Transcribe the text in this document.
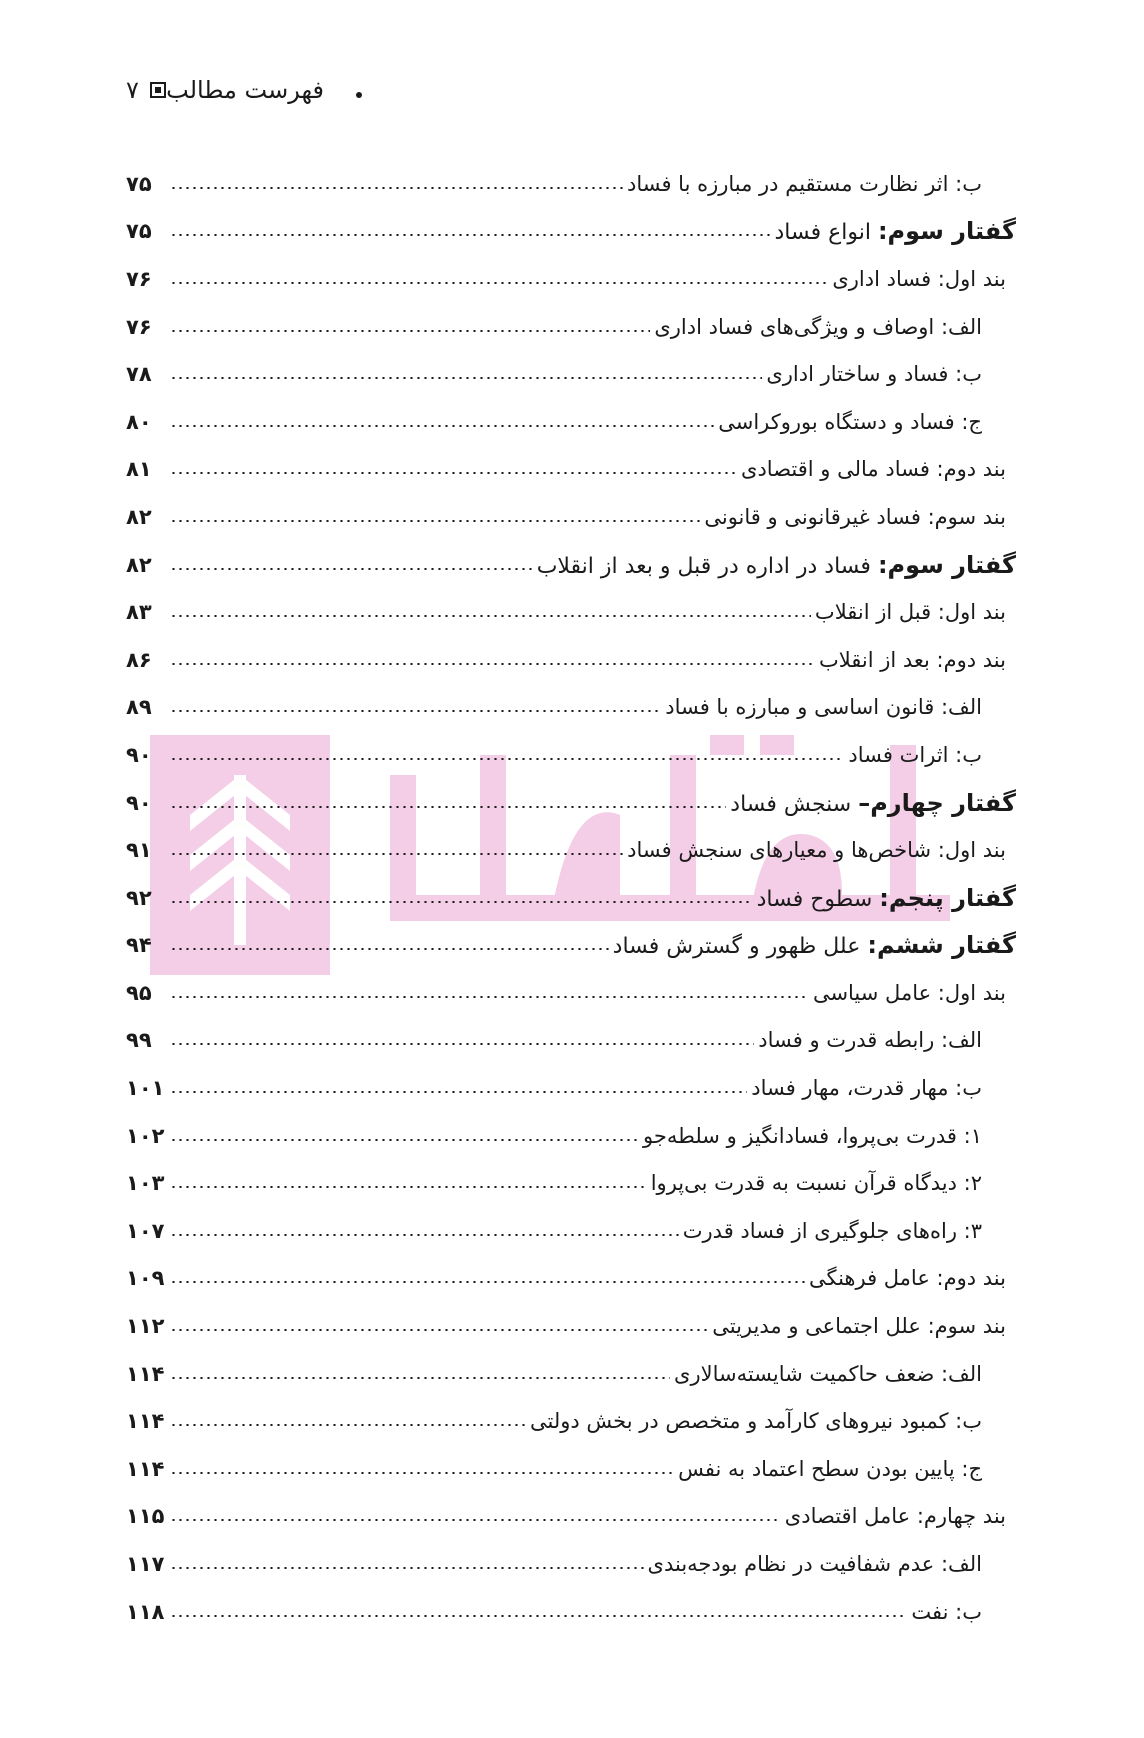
فهرست مطالب
۷
۷۵	ب: اثر نظارت مستقیم در مبارزه با فساد
۷۵	گفتار سوم: انواع فساد
۷۶	بند اول: فساد اداری
۷۶	الف: اوصاف و ویژگی‌های فساد اداری
۷۸	ب: فساد و ساختار اداری
۸۰	ج: فساد و دستگاه بوروکراسی
۸۱	بند دوم: فساد مالی و اقتصادی
۸۲	بند سوم: فساد غیرقانونی و قانونی
۸۲	گفتار سوم: فساد در اداره در قبل و بعد از انقلاب
۸۳	بند اول: قبل از انقلاب
۸۶	بند دوم: بعد از انقلاب
۸۹	الف: قانون اساسی و مبارزه با فساد
۹۰	ب: اثرات فساد
۹۰	گفتار چهارم– سنجش فساد
۹۱	بند اول: شاخص‌ها و معیارهای سنجش فساد
۹۲	گفتار پنجم: سطوح فساد
۹۴	گفتار ششم: علل ظهور و گسترش فساد
۹۵	بند اول: عامل سیاسی
۹۹	الف: رابطه قدرت و فساد
۱۰۱	ب: مهار قدرت، مهار فساد
۱۰۲	۱: قدرت بی‌پروا، فسادانگیز و سلطه‌جو
۱۰۳	۲: دیدگاه قرآن نسبت به قدرت بی‌پروا
۱۰۷	۳: راه‌های جلوگیری از فساد قدرت
۱۰۹	بند دوم: عامل فرهنگی
۱۱۲	بند سوم: علل اجتماعی و مدیریتی
۱۱۴	الف: ضعف حاکمیت شایسته‌سالاری
۱۱۴	ب: کمبود نیروهای کارآمد و متخصص در بخش دولتی
۱۱۴	ج: پایین بودن سطح اعتماد به نفس
۱۱۵	بند چهارم: عامل اقتصادی
۱۱۷	الف: عدم شفافیت در نظام بودجه‌بندی
۱۱۸	ب: نفت
